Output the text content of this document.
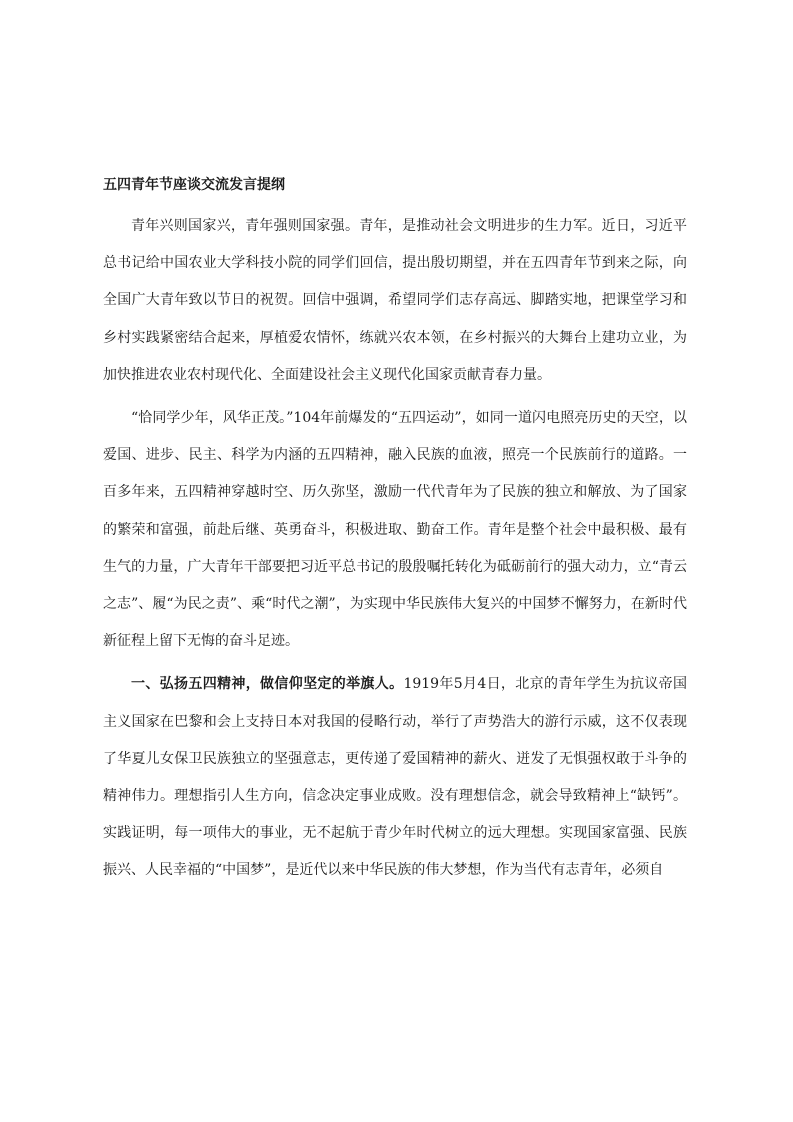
五四青年节座谈交流发言提纲

青年兴则国家兴，青年强则国家强。青年，是推动社会文明进步的生力军。近日，习近平总书记给中国农业大学科技小院的同学们回信，提出殷切期望，并在五四青年节到来之际，向全国广大青年致以节日的祝贺。回信中强调，希望同学们志存高远、脚踏实地，把课堂学习和乡村实践紧密结合起来，厚植爱农情怀，练就兴农本领，在乡村振兴的大舞台上建功立业，为加快推进农业农村现代化、全面建设社会主义现代化国家贡献青春力量。

“恰同学少年，风华正茂。”104年前爆发的“五四运动”，如同一道闪电照亮历史的天空，以爱国、进步、民主、科学为内涵的五四精神，融入民族的血液，照亮一个民族前行的道路。一百多年来，五四精神穿越时空、历久弥坚，激励一代代青年为了民族的独立和解放、为了国家的繁荣和富强，前赴后继、英勇奋斗，积极进取、勤奋工作。青年是整个社会中最积极、最有生气的力量，广大青年干部要把习近平总书记的殷殷嘱托转化为砥砺前行的强大动力，立“青云之志”、履“为民之责”、乘“时代之潮”，为实现中华民族伟大复兴的中国梦不懈努力，在新时代新征程上留下无悔的奋斗足迹。

一、弘扬五四精神，做信仰坚定的举旗人。1919年5月4日，北京的青年学生为抗议帝国主义国家在巴黎和会上支持日本对我国的侵略行动，举行了声势浩大的游行示威，这不仅表现了华夏儿女保卫民族独立的坚强意志，更传递了爱国精神的薪火、迸发了无惧强权敢于斗争的精神伟力。理想指引人生方向，信念决定事业成败。没有理想信念，就会导致精神上“缺钙”。实践证明，每一项伟大的事业，无不起航于青少年时代树立的远大理想。实现国家富强、民族振兴、人民幸福的“中国梦”，是近代以来中华民族的伟大梦想，作为当代有志青年，必须自
